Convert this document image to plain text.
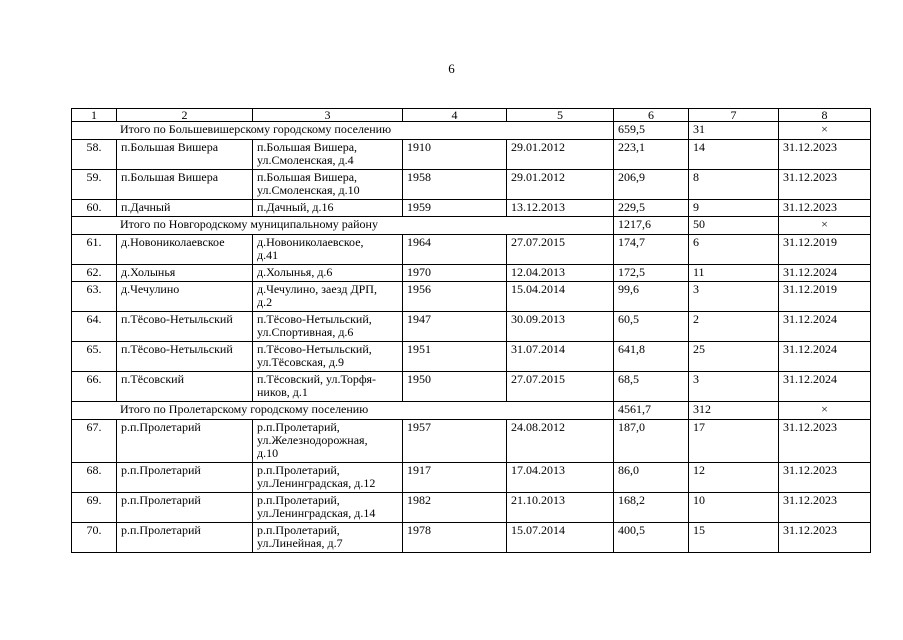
6
1	2	3	4	5	6	7	8
Итого по Большевишерскому городскому поселению					659,5	31	×
58.	п.Большая Вишера	п.Большая Вишера,
ул.Смоленская, д.4	1910	29.01.2012	223,1	14	31.12.2023
59.	п.Большая Вишера	п.Большая Вишера,
ул.Смоленская, д.10	1958	29.01.2012	206,9	8	31.12.2023
60.	п.Дачный	п.Дачный, д.16	1959	13.12.2013	229,5	9	31.12.2023
Итого по Новгородскому муниципальному району					1217,6	50	×
61.	д.Новониколаевское	д.Новониколаевское,
д.41	1964	27.07.2015	174,7	6	31.12.2019
62.	д.Холынья	д.Холынья, д.6	1970	12.04.2013	172,5	11	31.12.2024
63.	д.Чечулино	д.Чечулино, заезд ДРП,
д.2	1956	15.04.2014	99,6	3	31.12.2019
64.	п.Тёсово-Нетыльский	п.Тёсово-Нетыльский,
ул.Спортивная, д.6	1947	30.09.2013	60,5	2	31.12.2024
65.	п.Тёсово-Нетыльский	п.Тёсово-Нетыльский,
ул.Тёсовская, д.9	1951	31.07.2014	641,8	25	31.12.2024
66.	п.Тёсовский	п.Тёсовский, ул.Торфя-
ников, д.1	1950	27.07.2015	68,5	3	31.12.2024
Итого по Пролетарскому городскому поселению					4561,7	312	×
67.	р.п.Пролетарий	р.п.Пролетарий,
ул.Железнодорожная,
д.10	1957	24.08.2012	187,0	17	31.12.2023
68.	р.п.Пролетарий	р.п.Пролетарий,
ул.Ленинградская, д.12	1917	17.04.2013	86,0	12	31.12.2023
69.	р.п.Пролетарий	р.п.Пролетарий,
ул.Ленинградская, д.14	1982	21.10.2013	168,2	10	31.12.2023
70.	р.п.Пролетарий	р.п.Пролетарий,
ул.Линейная, д.7	1978	15.07.2014	400,5	15	31.12.2023
